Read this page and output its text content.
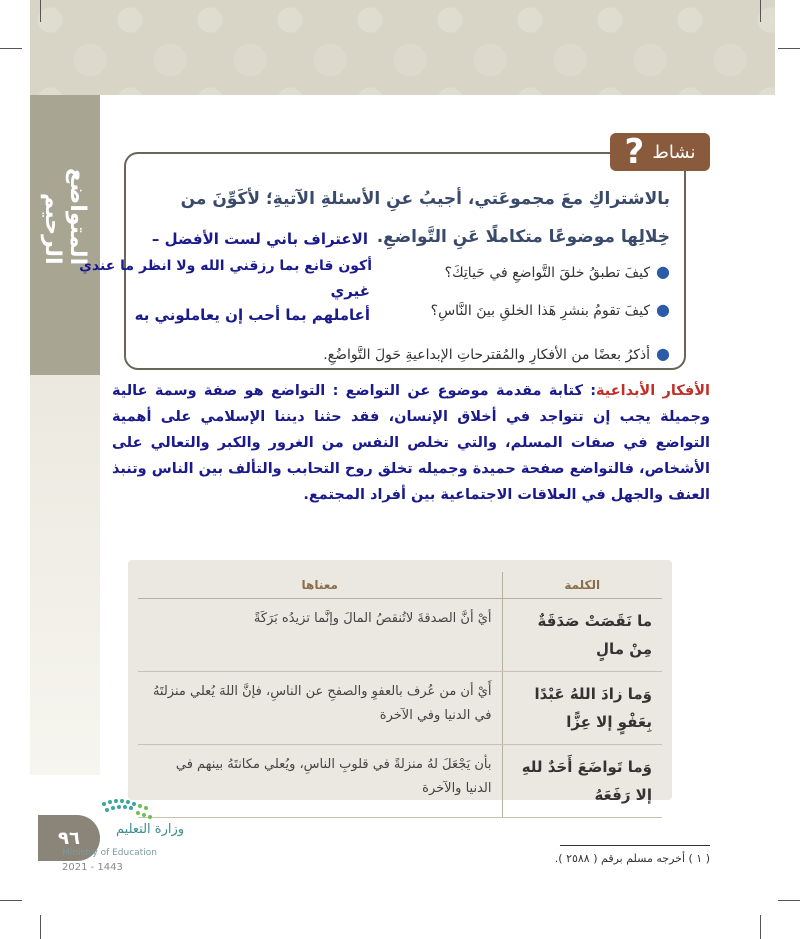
المتواضع الرحيم
نشاط
?
بالاشتراكِ معَ مجموعَتي، أجيبُ عنِ الأسئلةِ الآتيةِ؛ لأكَوِّنَ من خِلالِها موضوعًا متكاملًا عَنِ التَّواضعِ.
●كيفَ تطبقُ خلقَ التَّواضعِ في حَياتِكَ؟
●كيفَ تقومُ بنشرِ هَذا الخلقِ بينَ النَّاسِ؟
●أذكرُ بعضًا من الأفكارِ والمُقترحاتِ الإبداعيةِ حَولَ التَّواضُعِ.
الاعتراف باني لست الأفضل –
أكون قانع بما رزقني الله ولا انظر ما عندي
غيري
أعاملهم بما أحب إن يعاملوني به
الأفكار الأبداعية: كتابة مقدمة موضوع عن التواضع : التواضع هو صفة وسمة عالية وجميلة يجب إن تتواجد في أخلاق الإنسان، فقد حثنا ديننا الإسلامي على أهمية التواضع في صفات المسلم، والتي تخلص النفس من الغرور والكبر والتعالي على الأشخاص، فالتواضع صفحة حميدة وجميله تخلق روح التحابب والتألف بين الناس وتنبذ العنف والجهل في العلاقات الاجتماعية بين أفراد المجتمع.
الكلمة	معناها
ما نَقَصَتْ صَدَقَةٌ مِنْ مالٍ	أيْ أنَّ الصدقةَ لاتُنقصُ المالَ وإنَّما تزيدُه بَرَكَةً
وَما زادَ اللهُ عَبْدًا بِعَفْوٍ إلا عِزًّا	أَيْ أن من عُرف بالعفوِ والصفحِ عن الناسِ، فإنَّ اللهَ يُعلي منزلتَهُ في الدنيا وفي الآخرة
وَما تَواضَعَ أَحَدٌ للهِ إلا رَفَعَهُ	بأن يَجْعَلَ لهُ منزلةً في قلوبِ الناسِ، ويُعلي مكانتَهُ بينهم في الدنيا والآخرة
٩٦	وزارة التعليم
Ministry of Education
2021 - 1443
( ١ ) أخرجه مسلم برقم ( ٢٥٨٨ ).
